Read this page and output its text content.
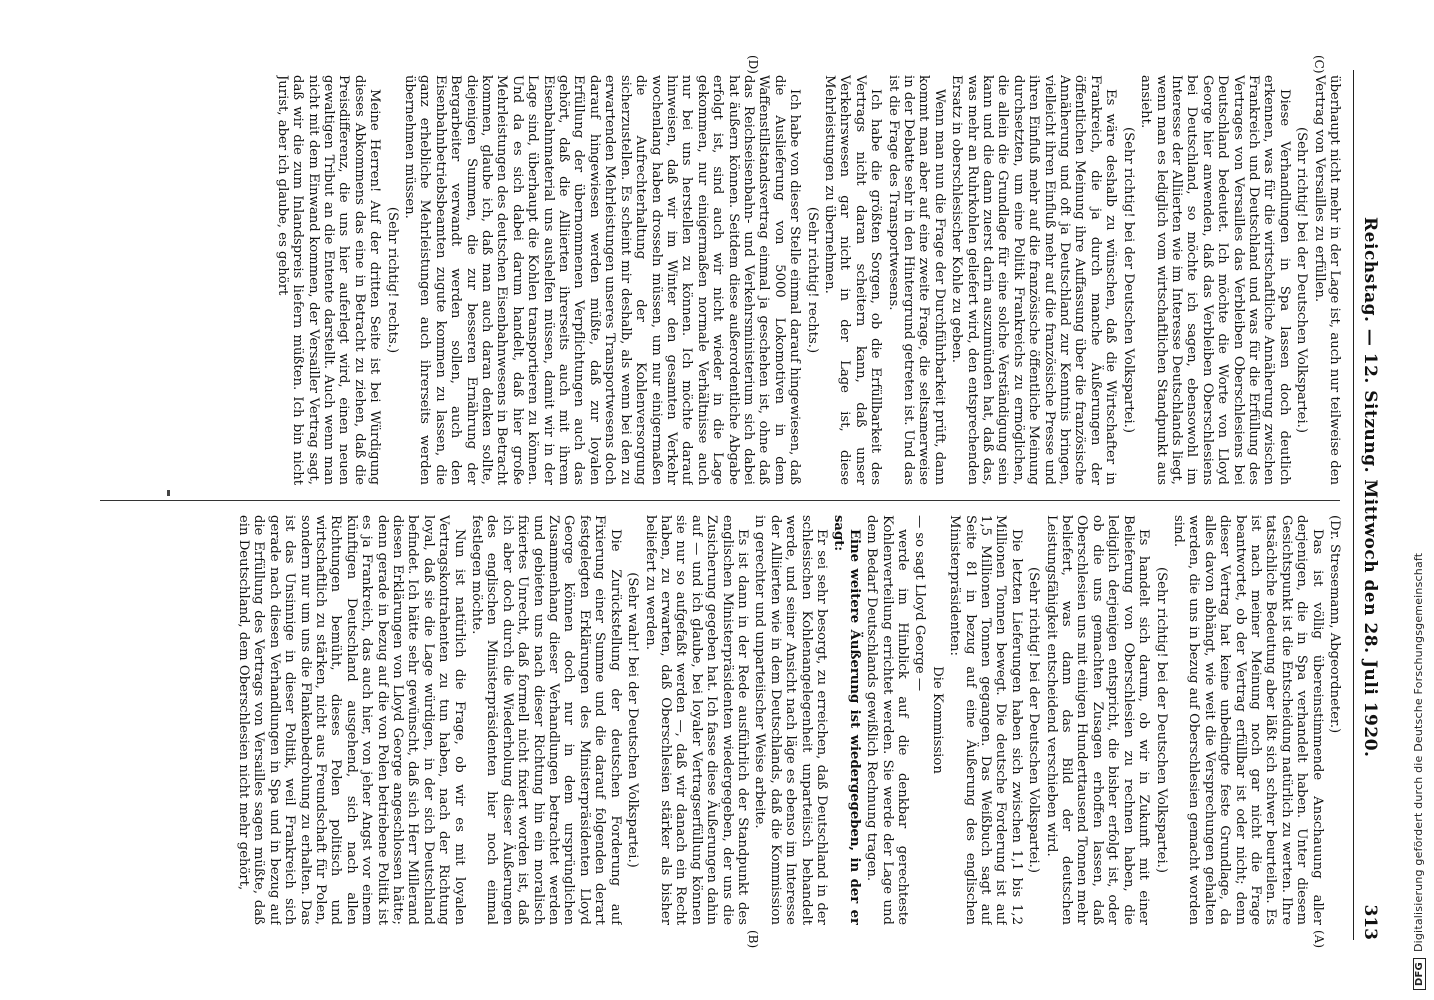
Reichstag. — 12. Sitzung. Mittwoch den 28. Juli 1920.
313
(C)
(D)
(A)
(B)

überhaupt nicht mehr in der Lage ist, auch nur teilweise den Vertrag von Versailles zu erfüllen.

(Sehr richtig! bei der Deutschen Volkspartei.)

Diese Verhandlungen in Spa lassen doch deutlich erkennen, was für die wirtschaftliche Annäherung zwischen Frankreich und Deutschland und was für die Erfüllung des Vertrages von Versailles das Verbleiben Oberschlesiens bei Deutschland bedeutet. Ich möchte die Worte von Lloyd George hier anwenden, daß das Verbleiben Oberschlesiens bei Deutschland, so möchte ich sagen, ebensowohl im Interesse der Alliierten wie im Interesse Deutschlands liegt, wenn man es lediglich vom wirtschaftlichen Standpunkt aus ansieht.

(Sehr richtig! bei der Deutschen Volkspartei.)

Es wäre deshalb zu wünschen, daß die Wirtschafter in Frankreich, die ja durch manche Äußerungen der öffentlichen Meinung ihre Auffassung über die französische Annäherung und oft ja Deutschland zur Kenntnis bringen, vielleicht ihren Einfluß mehr auf die französische Presse und ihren Einfluß mehr auf die französische öffentliche Meinung durchsetzten, um eine Politik Frankreichs zu ermöglichen, die allein die Grundlage für eine solche Verständigung sein kann und die dann zuerst darin auszumünden hat, daß das, was mehr an Ruhrkohlen geliefert wird, den entsprechenden Ersatz in oberschlesischer Kohle zu geben.

Wenn man nun die Frage der Durchführbarkeit prüft, dann kommt man aber auf eine zweite Frage, die seltsamerweise in der Debatte sehr in den Hintergrund getreten ist. Und das ist die Frage des Transportwesens.

Ich habe die größten Sorgen, ob die Erfüllbarkeit des Vertrags nicht daran scheitern kann, daß unser Verkehrswesen gar nicht in der Lage ist, diese Mehrleistungen zu übernehmen.

(Sehr richtig! rechts.)

Ich habe von dieser Stelle einmal darauf hingewiesen, daß die Auslieferung von 5000 Lokomotiven in dem Waffenstillstandsvertrag einmal ja geschehen ist, ohne daß das Reichseisenbahn- und Verkehrsministerium sich dabei hat äußern können. Seitdem diese außerordentliche Abgabe erfolgt ist, sind auch wir nicht wieder in die Lage gekommen, nur einigermaßen normale Verhältnisse auch nur bei uns herstellen zu können. Ich möchte darauf hinweisen, daß wir im Winter den gesamten Verkehr wochenlang haben drosseln müssen, um nur einigermaßen die Aufrechterhaltung der Kohlenversorgung sicherzustellen. Es scheint mir deshalb, als wenn bei den zu erwartenden Mehrleistungen unseres Transportwesens doch darauf hingewiesen werden müßte, daß zur loyalen Erfüllung der übernommenen Verpflichtungen auch das gehört, daß die Alliierten ihrerseits auch mit ihrem Eisenbahnmaterial uns aushelfen müssen, damit wir in der Lage sind, überhaupt die Kohlen transportieren zu können. Und da es sich dabei darum handelt, daß hier große Mehrleistungen des deutschen Eisenbahnwesens in Betracht kommen, glaube ich, daß man auch daran denken sollte, diejenigen Summen, die zur besseren Ernährung der Bergarbeiter verwandt werden sollen, auch den Eisenbahnbetriebsbeamten zugute kommen zu lassen, die ganz erhebliche Mehrleistungen auch ihrerseits werden übernehmen müssen.

(Sehr richtig! rechts.)

Meine Herren! Auf der dritten Seite ist bei Würdigung dieses Abkommens das eine in Betracht zu ziehen, daß die Preisdifferenz, die uns hier auferlegt wird, einen neuen gewaltigen Tribut an die Entente darstellt. Auch wenn man nicht mit dem Einwand kommen, der Versailler Vertrag sagt, daß wir die zum Inlandspreis liefern müßten. Ich bin nicht Jurist, aber ich glaube, es gehört

(Dr. Stresemann, Abgeordneter.)

Das ist völlig übereinstimmende Anschauung aller derjenigen, die in Spa verhandelt haben. Unter diesem Gesichtspunkt ist die Entscheidung natürlich zu werten. Ihre tatsächliche Bedeutung aber läßt sich schwer beurteilen. Es ist nach meiner Meinung noch gar nicht die Frage beantwortet, ob der Vertrag erfüllbar ist oder nicht; denn dieser Vertrag hat keine unbedingte feste Grundlage, da alles davon abhängt, wie weit die Versprechungen gehalten werden, die uns in bezug auf Oberschlesien gemacht worden sind.

(Sehr richtig! bei der Deutschen Volkspartei.)

Es handelt sich darum, ob wir in Zukunft mit einer Belieferung von Oberschlesien zu rechnen haben, die lediglich derjenigen entspricht, die bisher erfolgt ist, oder ob die uns gemachten Zusagen erhoffen lassen, daß Oberschlesien uns mit einigen Hunderttausend Tonnen mehr beliefert, was dann das Bild der deutschen Leistungsfähigkeit entscheidend verschieben wird.

(Sehr richtig! bei der Deutschen Volkspartei.)

Die letzten Lieferungen haben sich zwischen 1,1 bis 1,2 Millionen Tonnen bewegt. Die deutsche Forderung ist auf 1,5 Millionen Tonnen gegangen. Das Weißbuch sagt auf Seite 81 in bezug auf eine Äußerung des englischen Ministerpräsidenten:

Die Kommission

— so sagt Lloyd George —

werde im Hinblick auf die denkbar gerechteste Kohlenverteilung errichtet werden. Sie werde der Lage und dem Bedarf Deutschlands gewißlich Rechnung tragen.

Eine weitere Äußerung ist wiedergegeben, in der er sagt:

Er sei sehr besorgt, zu erreichen, daß Deutschland in der schlesischen Kohlenangelegenheit unparteiisch behandelt werde, und seiner Ansicht nach läge es ebenso im Interesse der Alliierten wie in dem Deutschlands, daß die Kommission in gerechter und unparteiischer Weise arbeite.

Es ist dann in der Rede ausführlich der Standpunkt des englischen Ministerpräsidenten wiedergegeben, der uns die Zusicherung gegeben hat. Ich fasse diese Äußerungen dahin auf — und ich glaube, bei loyaler Vertragserfüllung können sie nur so aufgefaßt werden —, daß wir danach ein Recht haben, zu erwarten, daß Oberschlesien stärker als bisher beliefert zu werden.

(Sehr wahr! bei der Deutschen Volkspartei.)

Die Zurückstellung der deutschen Forderung auf Fixierung einer Summe und die darauf folgenden derart festgelegten Erklärungen des Ministerpräsidenten Lloyd George können doch nur in dem ursprünglichen Zusammenhang dieser Verhandlungen betrachtet werden und gebieten uns nach dieser Richtung hin ein moralisch fixiertes Unrecht, daß formell nicht fixiert worden ist, daß ich aber doch durch die Wiederholung dieser Äußerungen des englischen Ministerpräsidenten hier noch einmal festlegen möchte.

Nun ist natürlich die Frage, ob wir es mit loyalen Vertragskontrahenten zu tun haben, nach der Richtung loyal, daß sie die Lage würdigen, in der sich Deutschland befindet. Ich hätte sehr gewünscht, daß sich Herr Millerand diesen Erklärungen von Lloyd George angeschlossen hätte; denn gerade in bezug auf die von Polen betriebene Politik ist es ja Frankreich, das auch hier, von jeher Angst vor einem künftigen Deutschland ausgehend, sich nach allen Richtungen bemüht, dieses Polen politisch und wirtschaftlich zu stärken, nicht aus Freundschaft für Polen, sondern nur um uns die Flankenbedrohung zu erhalten. Das ist das Unsinnige in dieser Politik, weil Frankreich sich gerade nach diesen Verhandlungen in Spa und in bezug auf die Erfüllung des Vertrags von Versailles sagen müßte, daß ein Deutschland, dem Oberschlesien nicht mehr gehört,

DFGDigitalisierung gefördert durch die Deutsche Forschungsgemeinschaft
